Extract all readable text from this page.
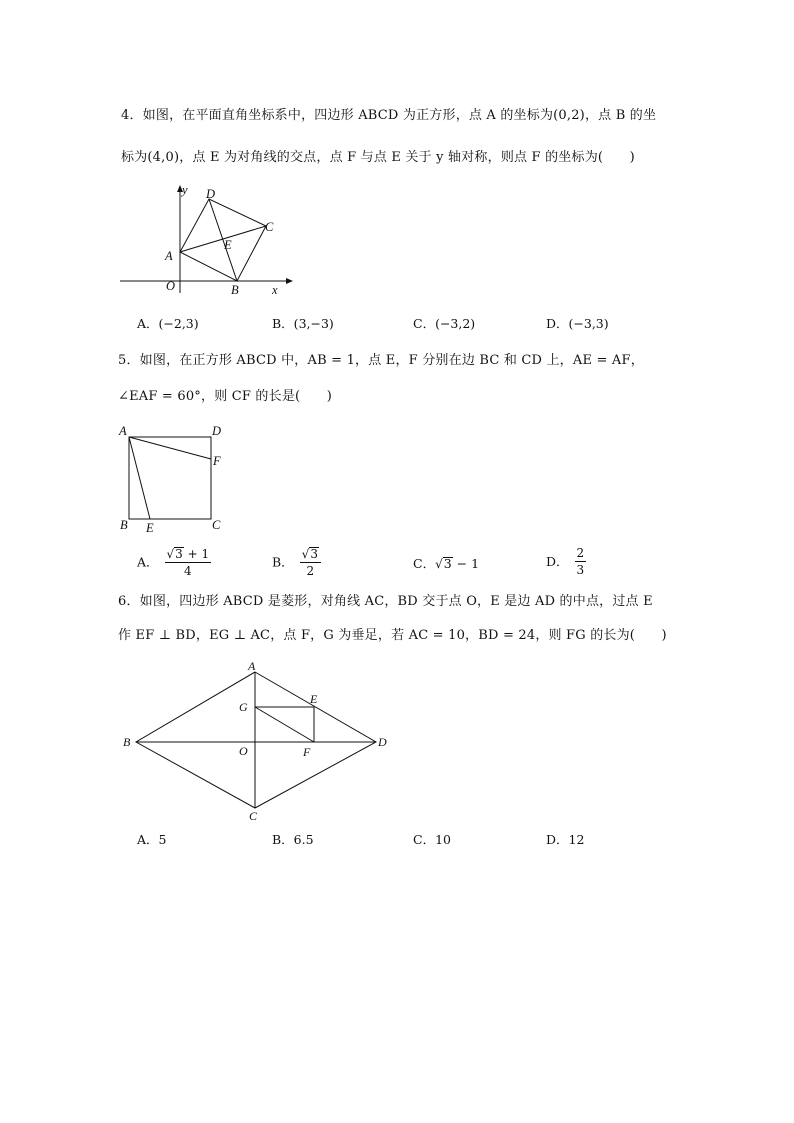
4．如图，在平面直角坐标系中，四边形 ABCD 为正方形，点 A 的坐标为(0,2)，点 B 的坐
标为(4,0)，点 E 为对角线的交点，点 F 与点 E 关于 y 轴对称，则点 F 的坐标为(　　)
y
x
O
A
B
C
D
E
A．(−2,3)	B．(3,−3)	C．(−3,2)	D．(−3,3)
5．如图，在正方形 ABCD 中，AB = 1，点 E，F 分别在边 BC 和 CD 上，AE = AF，
∠EAF = 60°，则 CF 的长是(　　)
A	D
F
B E	C
A． $\frac{√3 + 1}{4}$	B． $\frac{√3}{2}$	C．√3 − 1	D． $\frac{2}{3}$
6．如图，四边形 ABCD 是菱形，对角线 AC，BD 交于点 O，E 是边 AD 的中点，过点 E
作 EF ⊥ BD，EG ⊥ AC，点 F，G 为垂足，若 AC = 10，BD = 24，则 FG 的长为(　　)
A
E
G
B
O	F
D
C
A．5	B．6.5	C．10	D．12
